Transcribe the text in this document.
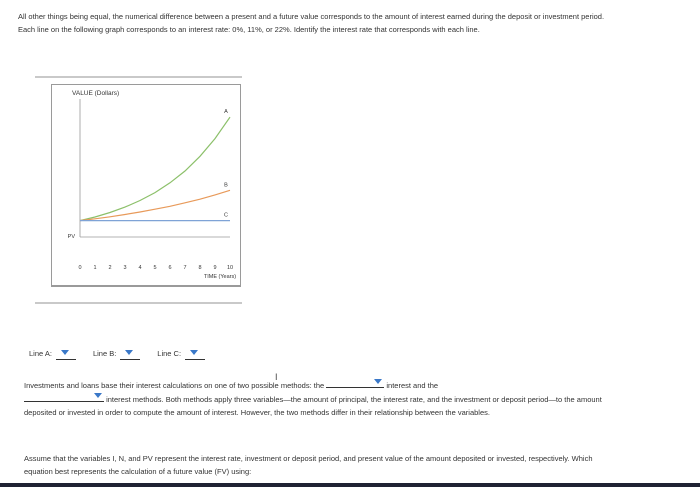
All other things being equal, the numerical difference between a present and a future value corresponds to the amount of interest earned during the deposit or investment period. Each line on the following graph corresponds to an interest rate: 0%, 11%, or 22%. Identify the interest rate that corresponds with each line.

VALUE (Dollars)
A
B
C
0 1 2 3 4 5 6 7 8 9 10
PV
TIME (Years)
Line A:	Line B:	Line C:
I

Investments and loans base their interest calculations on one of two possible methods: the	interest and the

interest methods. Both methods apply three variables—the amount of principal, the interest rate, and the investment or deposit period—to the amount deposited or invested in order to compute the amount of interest. However, the two methods differ in their relationship between the variables.

Assume that the variables I, N, and PV represent the interest rate, investment or deposit period, and present value of the amount deposited or invested, respectively. Which equation best represents the calculation of a future value (FV) using:
